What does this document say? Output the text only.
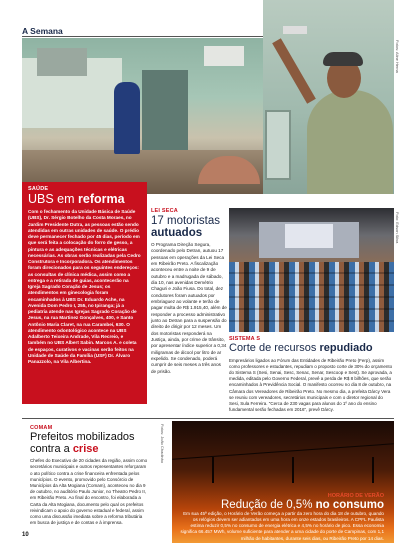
A Semana
Fotos: Aline Herna
SAÚDE
UBS em reforma
Com o fechamento da Unidade Básica de Saúde (UBS), Dr. Sérgio Botelho da Costa Moraes, no Jardim Presidente Dutra, as pessoas estão sendo atendidas em outras unidades de saúde. O prédio deve permanecer fechado por 45 dias, período em que será feita a colocação do forro de gesso, a pintura e as adequações técnicas e elétricas necessárias. As obras serão realizadas pela Cedro Construtora e Incorporadora. Os atendimentos foram direcionados para os seguintes endereços: as consultas de clínica médica, assim como a entrega e a retirada de guias, acontecerão na Igreja Sagrado Coração de Jesus; os atendimentos em ginecologia foram encaminhados à UBS Dr. Eduardo Ache, na Avenida Dom Pedro I, 255, no Ipiranga; já a pediatria atende nas Igrejas Sagrado Coração de Jesus, na rua Martinez Gonçalves, 400, e Santo Antônio Maria Claret, na rua Carambeí, 630. O atendimento odontológico acontece na UBS Adalberto Teixeira Andrade, Vila Recreio, e também no UBS Albert Sabin. Marcos A. e coleta de espaços, curativos e vacinas serão feitos na Unidade de Saúde da Família (USF) Dr. Álvaro Panazzolo, na Vila Albertina.
LEI SECA
17 motoristas autuados
O Programa Direção Segura, coordenado pelo Detran, autuou 17 pessoas em operações da Lei Seca em Ribeirão Preto. A fiscalização aconteceu entre a noite de 9 de outubro e a madrugada de sábado, dia 10, nas avenidas Demétrio Chaguri e João Fiusa. Do total, dez condutores foram autuados por embriaguez ao volante e terão de pagar multa de R$ 1.915,40, além de responder a processo administrativo junto ao Detran para a suspensão do direito de dirigir por 12 meses. Um dos motoristas responderá na Justiça, ainda, por crime de trânsito, por apresentar índice superior a 0,34 miligramas de álcool por litro de ar expelido. Se condenado, poderá cumprir de seis meses a três anos de prisão.
Foto: Edson Silva
SISTEMA S
Corte de recursos repudiado
Empresários ligados ao Fórum das Entidades de Ribeirão Preto (Ferp), assim como professores e estudantes, repudiam o proposto corte de 30% do orçamento do Sistema S (Sesi, Senai, Sesc, Senac, Senar, Sescoop e Sest). Se aprovada, a medida, editada pelo Governo Federal, prevê a perda de R$ 8 bilhões, que serão encaminhados à Previdência Social. O manifesto ocorreu no dia 8 de outubro, na Câmara dos Vereadores de Ribeirão Preto. No mesmo dia, a prefeita Dárcy Vera se reuniu com vereadores, secretários municipais e com o diretor regional do Sesi, Sula Ferreira. "Cerca de 230 vagas para alunos do 1º ano do ensino fundamental serão fechadas em 2016", prevê Dárcy.
COMAM
Prefeitos mobilizados
contra a crise
Chefes do Executivo de 20 cidades da região, assim como secretários municipais e outros representantes reforçaram o ato político contra a crise financeira enfrentada pelos municípios. O evento, promovido pelo Consórcio de Municípios da Alta Mogiana (Comam), aconteceu no dia 9 de outubro, no auditório Paulo Junior, no Theatro Pedro II, em Ribeirão Preto. Ao final do encontro, foi elaborada a Carta da Alta Mogiana, documento pelo qual os prefeitos reivindicam o apoio do governo estadual e federal, assim como uma discussão imediata sobre a reforma tributária em busca de justiça e de contas e à imprensa.
Fotos: João Chadinho
HORÁRIO DE VERÃO
Redução de 0,5% no consumo
Em sua 45ª edição, o Horário de Verão começa a partir da zero hora do dia 18 de outubro, quando os relógios devem ser adiantados em uma hora em onze estados brasileiros. A CPFL Paulista estima reduzir 0,5% no consumo de energia elétrica e 4,5% no horário de pico. Essa economia significa 66.457 MWh, volume suficiente para atender a uma cidade do porte de Campinas, com 1,1 milhão de habitantes, durante seis dias, ou Ribeirão Preto por 14 dias.
10
